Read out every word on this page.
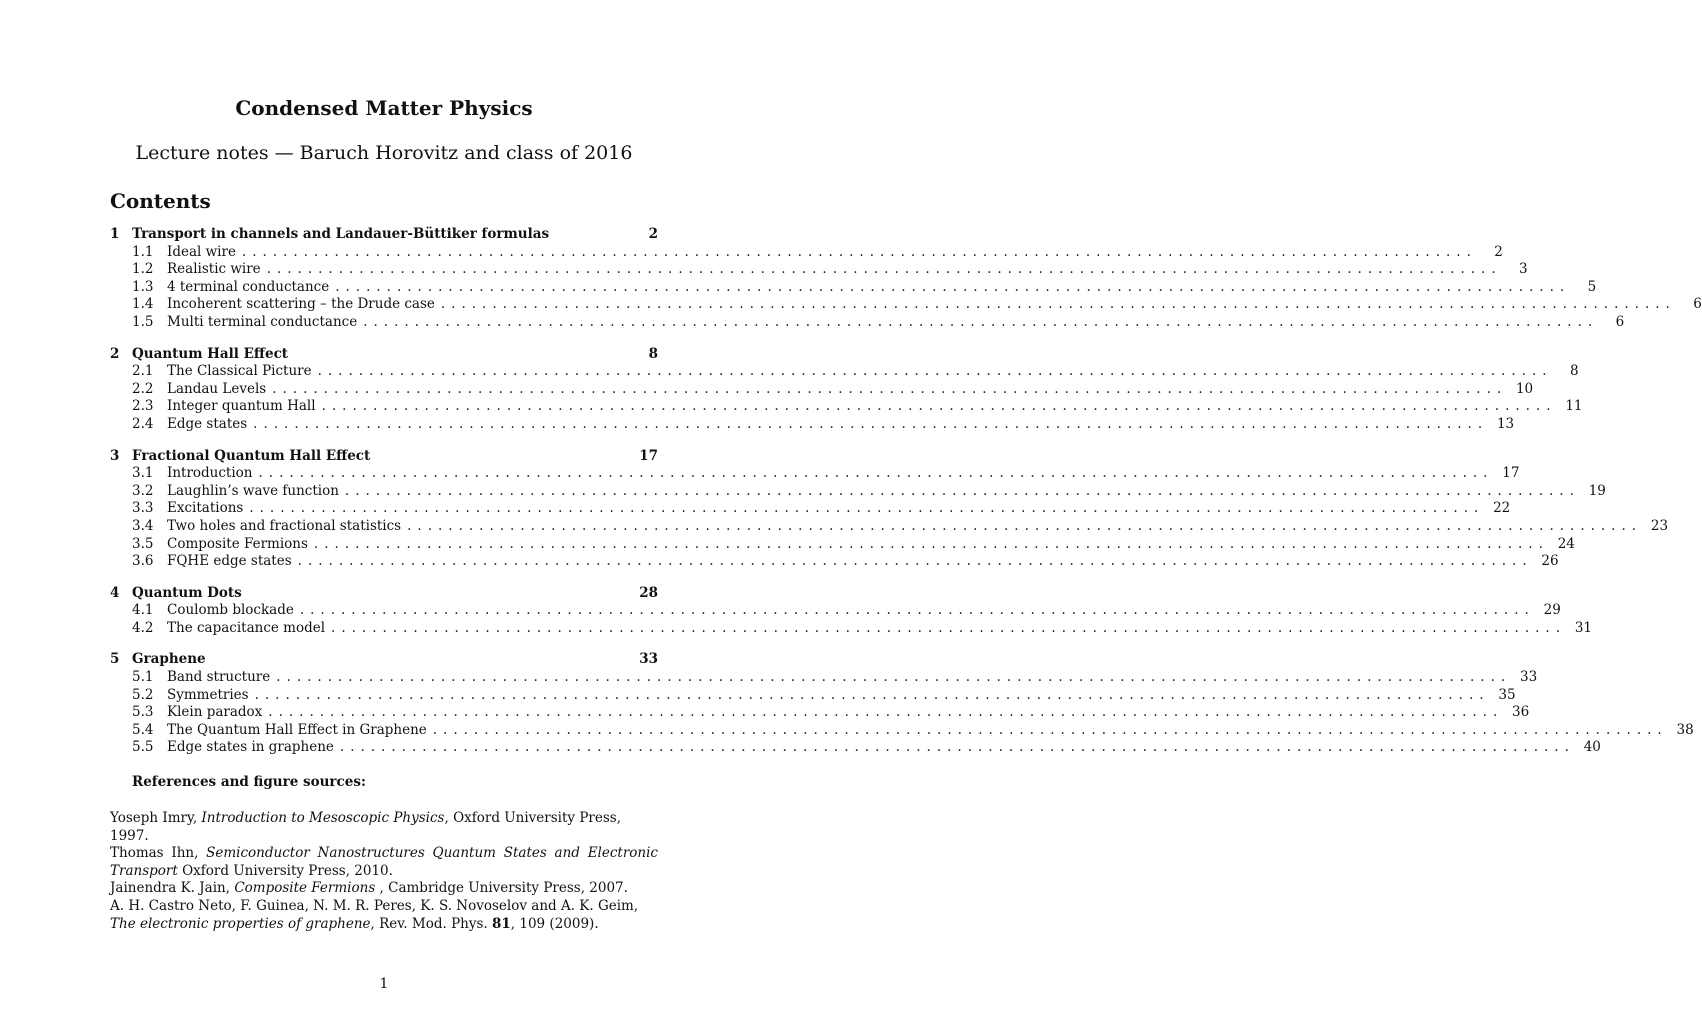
Condensed Matter Physics
Lecture notes — Baruch Horovitz and class of 2016
Contents
1 Transport in channels and Landauer-Büttiker formulas	2
1.1	Ideal wire ........................................................................................................................	2
1.2	Realistic wire ........................................................................................................................	3
1.3	4 terminal conductance ........................................................................................................................	5
1.4	Incoherent scattering – the Drude case ........................................................................................................................	6
1.5	Multi terminal conductance ........................................................................................................................	6
2 Quantum Hall Effect	8
2.1	The Classical Picture ........................................................................................................................	8
2.2	Landau Levels ........................................................................................................................ 10
2.3	Integer quantum Hall ........................................................................................................................ 11
2.4	Edge states ........................................................................................................................ 13
3 Fractional Quantum Hall Effect	17
3.1	Introduction ........................................................................................................................ 17
3.2	Laughlin’s wave function ........................................................................................................................ 19
3.3	Excitations ........................................................................................................................ 22
3.4	Two holes and fractional statistics ........................................................................................................................ 23
3.5	Composite Fermions ........................................................................................................................ 24
3.6	FQHE edge states ........................................................................................................................ 26
4 Quantum Dots	28
4.1	Coulomb blockade ........................................................................................................................ 29
4.2	The capacitance model ........................................................................................................................ 31
5 Graphene	33
5.1	Band structure ........................................................................................................................ 33
5.2	Symmetries ........................................................................................................................ 35
5.3	Klein paradox ........................................................................................................................ 36
5.4	The Quantum Hall Effect in Graphene ........................................................................................................................ 38
5.5	Edge states in graphene ........................................................................................................................ 40
References and figure sources:

Yoseph Imry, Introduction to Mesoscopic Physics, Oxford University Press, 1997.

Thomas Ihn, Semiconductor Nanostructures Quantum States and Electronic Transport Oxford University Press, 2010.

Jainendra K. Jain, Composite Fermions , Cambridge University Press, 2007.

A. H. Castro Neto, F. Guinea, N. M. R. Peres, K. S. Novoselov and A. K. Geim, The electronic properties of graphene, Rev. Mod. Phys. 81, 109 (2009).

1
